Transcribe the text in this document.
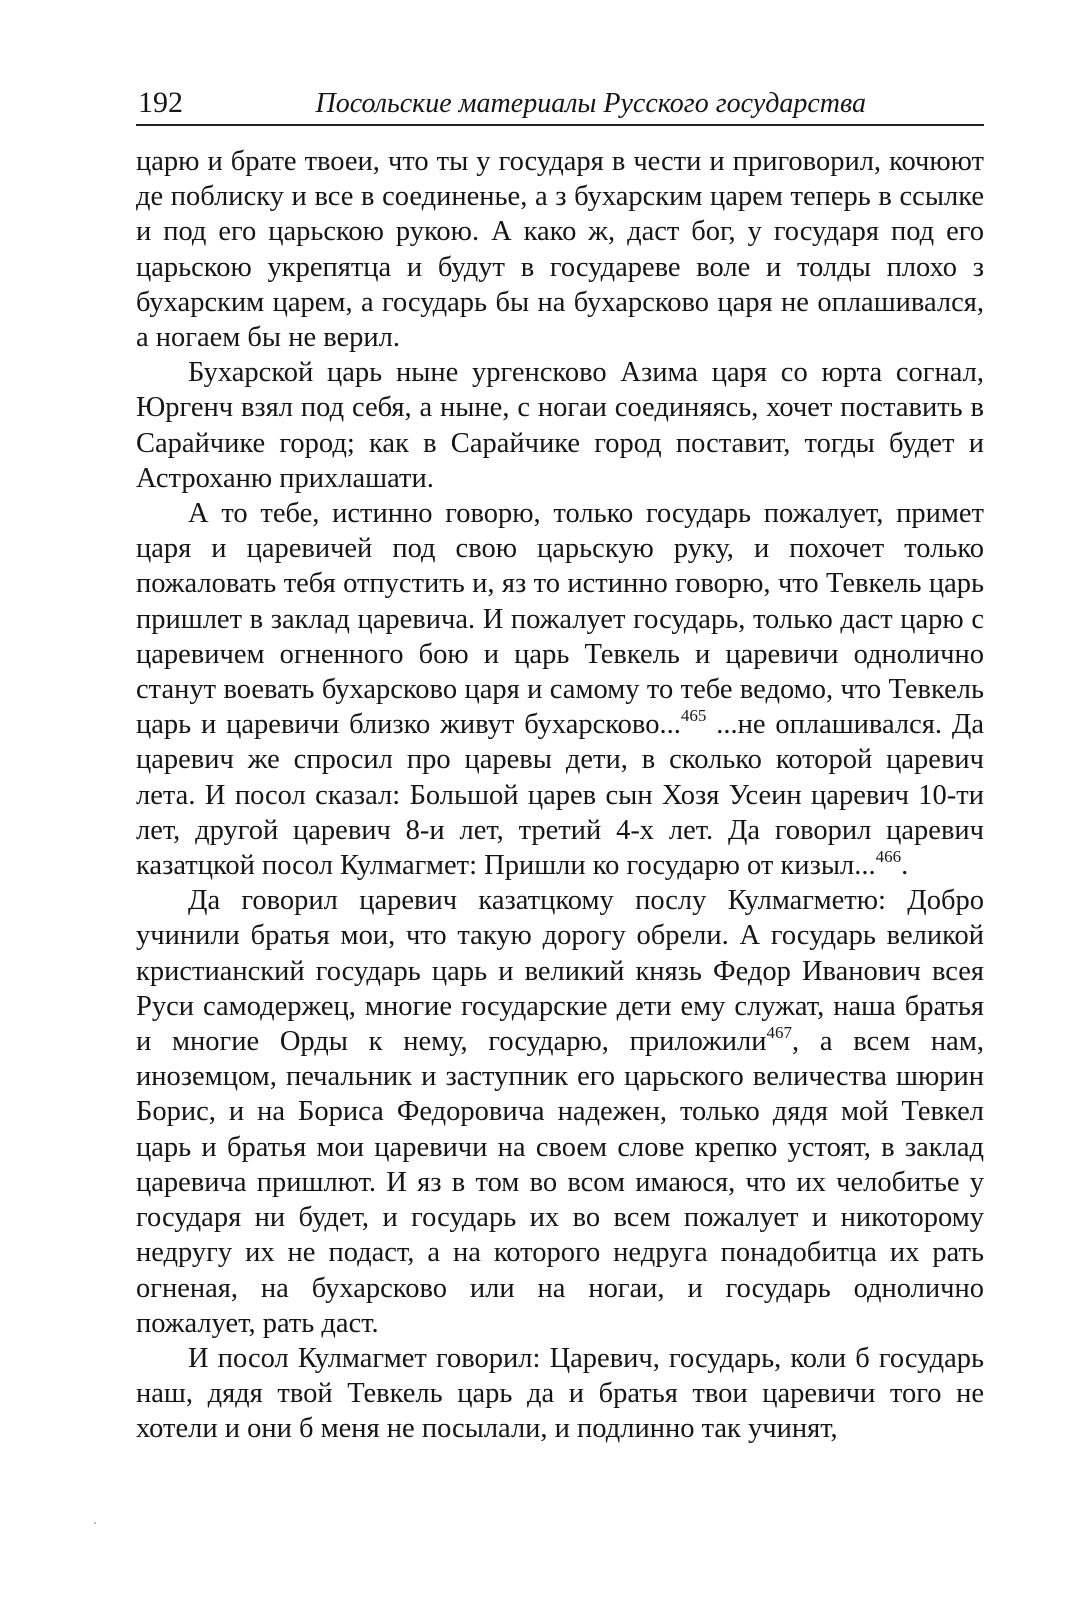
192	Посольские материалы Русского государства

царю и брате твоеи, что ты у государя в чести и приговорил, кочюют де поблиску и все в соединенье, а з бухарским царем теперь в ссылке и под его царьскою рукою. А како ж, даст бог, у государя под его царьскою укрепятца и будут в государеве воле и толды плохо з бухарским царем, а государь бы на бухарсково царя не оплашивался, а ногаем бы не верил.

Бухарской царь ныне ургенсково Азима царя со юрта согнал, Юргенч взял под себя, а ныне, с ногаи соединяясь, хочет поставить в Сарайчике город; как в Сарайчике город поставит, тогды будет и Астроханю прихлашати.

А то тебе, истинно говорю, только государь пожалует, примет царя и царевичей под свою царьскую руку, и похочет только пожаловать тебя отпустить и, яз то истинно говорю, что Тевкель царь пришлет в заклад царевича. И пожалует государь, только даст царю с царевичем огненного бою и царь Тевкель и царевичи однолично станут воевать бухарсково царя и самому то тебе ведомо, что Тевкель царь и царевичи близко живут бухарсково...$^{465}$ ...не оплашивался. Да царевич же спросил про царевы дети, в сколько которой царевич лета. И посол сказал: Большой царев сын Хозя Усеин царевич 10-ти лет, другой царевич 8-и лет, третий 4-х лет. Да говорил царевич казатцкой посол Кулмагмет: Пришли ко государю от кизыл...$^{466}$.

Да говорил царевич казатцкому послу Кулмагметю: Добро учинили братья мои, что такую дорогу обрели. А государь великой кристианский государь царь и великий князь Федор Иванович всея Руси самодержец, многие государские дети ему служат, наша братья и многие Орды к нему, государю, приложили$^{467}$, а всем нам, иноземцом, печальник и заступник его царьского величества шюрин Борис, и на Бориса Федоровича надежен, только дядя мой Тевкел царь и братья мои царевичи на своем слове крепко устоят, в заклад царевича пришлют. И яз в том во всом имаюся, что их челобитье у государя ни будет, и государь их во всем пожалует и никоторому недругу их не подаст, а на которого недруга понадобитца их рать огненая, на бухарсково или на ногаи, и государь однолично пожалует, рать даст.

И посол Кулмагмет говорил: Царевич, государь, коли б государь наш, дядя твой Тевкель царь да и братья твои царевичи того не хотели и они б меня не посылали, и подлинно так учинят,
